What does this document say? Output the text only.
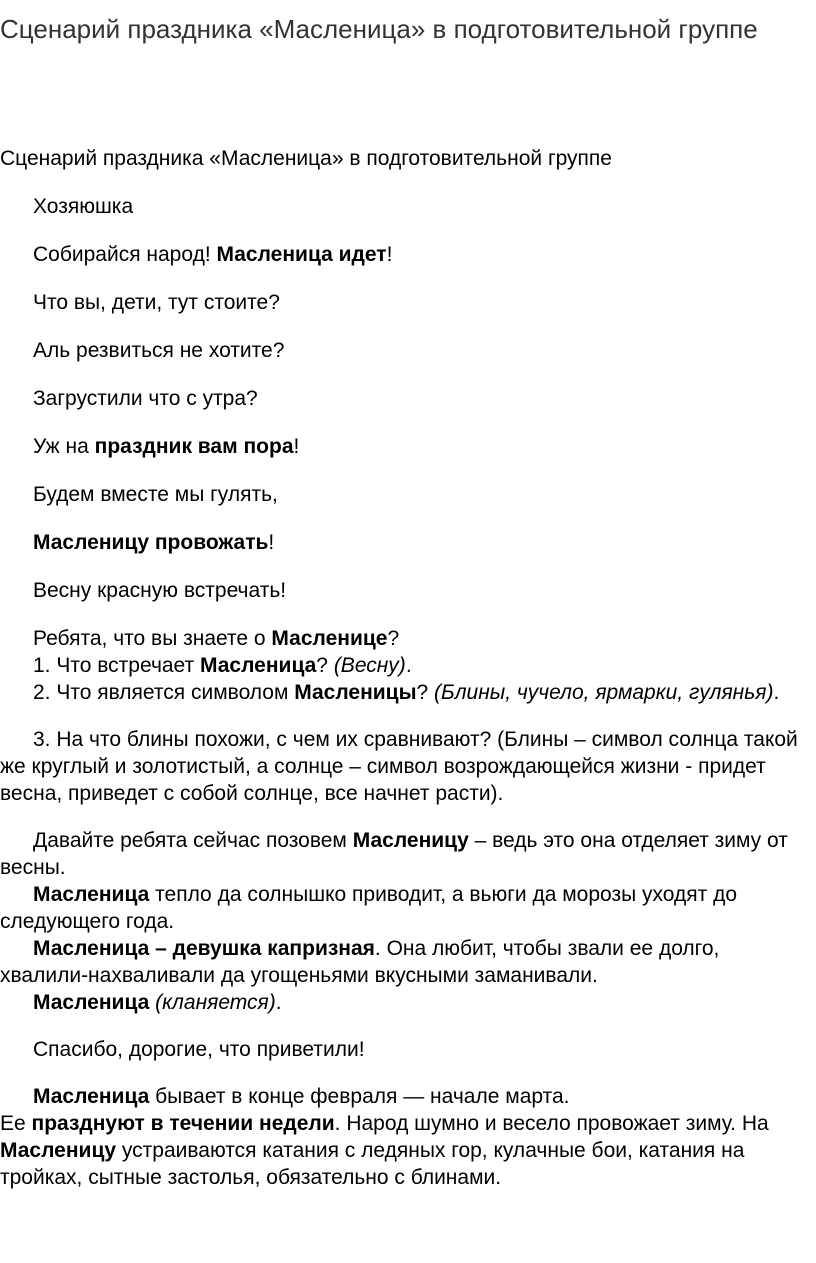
Сценарий праздника «Масленица» в подготовительной группе

Сценарий праздника «Масленица» в подготовительной группе

Хозяюшка

Собирайся народ! Масленица идет!

Что вы, дети, тут стоите?

Аль резвиться не хотите?

Загрустили что с утра?

Уж на праздник вам пора!

Будем вместе мы гулять,

Масленицу провожать!

Весну красную встречать!

Ребята, что вы знаете о Масленице?

1. Что встречает Масленица? (Весну).

2. Что является символом Масленицы? (Блины, чучело, ярмарки, гулянья).

3. На что блины похожи, с чем их сравнивают? (Блины – символ солнца такой же круглый и золотистый, а солнце – символ возрождающейся жизни - придет весна, приведет с собой солнце, все начнет расти).

Давайте ребята сейчас позовем Масленицу – ведь это она отделяет зиму от весны.

Масленица тепло да солнышко приводит, а вьюги да морозы уходят до следующего года.

Масленица – девушка капризная. Она любит, чтобы звали ее долго, хвалили-нахваливали да угощеньями вкусными заманивали.

Масленица (кланяется).

Спасибо, дорогие, что приветили!

Масленица бывает в конце февраля — начале марта.

Ее празднуют в течении недели. Народ шумно и весело провожает зиму. На Масленицу устраиваются катания с ледяных гор, кулачные бои, катания на тройках, сытные застолья, обязательно с блинами.
